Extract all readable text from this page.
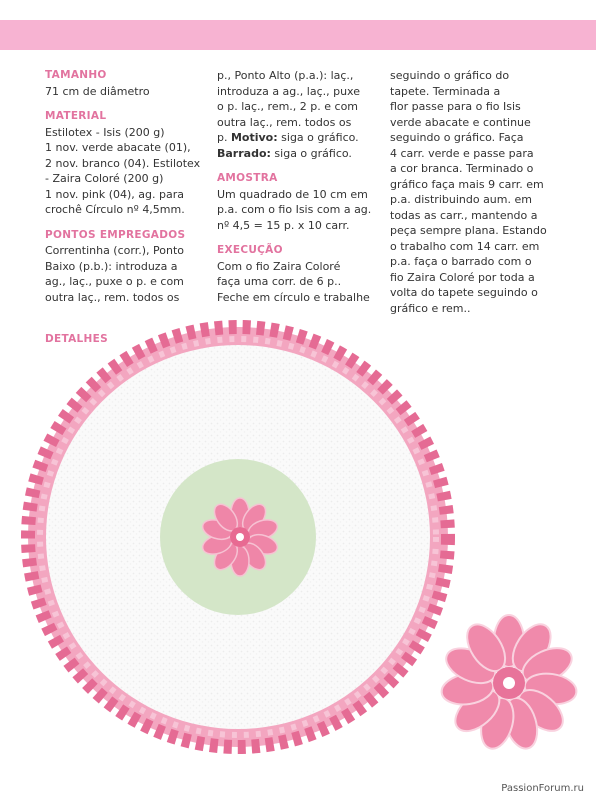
TAMANHO

71 cm de diâmetro

MATERIAL

Estilotex - Isis (200 g)

1 nov. verde abacate (01),

2 nov. branco (04). Estilotex

- Zaira Coloré (200 g)

1 nov. pink (04), ag. para

crochê Círculo nº 4,5mm.

PONTOS EMPREGADOS

Correntinha (corr.), Ponto

Baixo (p.b.): introduza a

ag., laç., puxe o p. e com

outra laç., rem. todos os

p., Ponto Alto (p.a.): laç.,

introduza a ag., laç., puxe

o p. laç., rem., 2 p. e com

outra laç., rem. todos os

p. Motivo: siga o gráfico.

Barrado: siga o gráfico.

AMOSTRA

Um quadrado de 10 cm em

p.a. com o fio Isis com a ag.

nº 4,5 = 15 p. x 10 carr.

EXECUÇÃO

Com o fio Zaira Coloré

faça uma corr. de 6 p..

Feche em círculo e trabalhe

seguindo o gráfico do

tapete. Terminada a

flor passe para o fio Isis

verde abacate e continue

seguindo o gráfico. Faça

4 carr. verde e passe para

a cor branca. Terminado o

gráfico faça mais 9 carr. em

p.a. distribuindo aum. em

todas as carr., mantendo a

peça sempre plana. Estando

o trabalho com 14 carr. em

p.a. faça o barrado com o

fio Zaira Coloré por toda a

volta do tapete seguindo o

gráfico e rem..

DETALHES
PassionForum.ru
